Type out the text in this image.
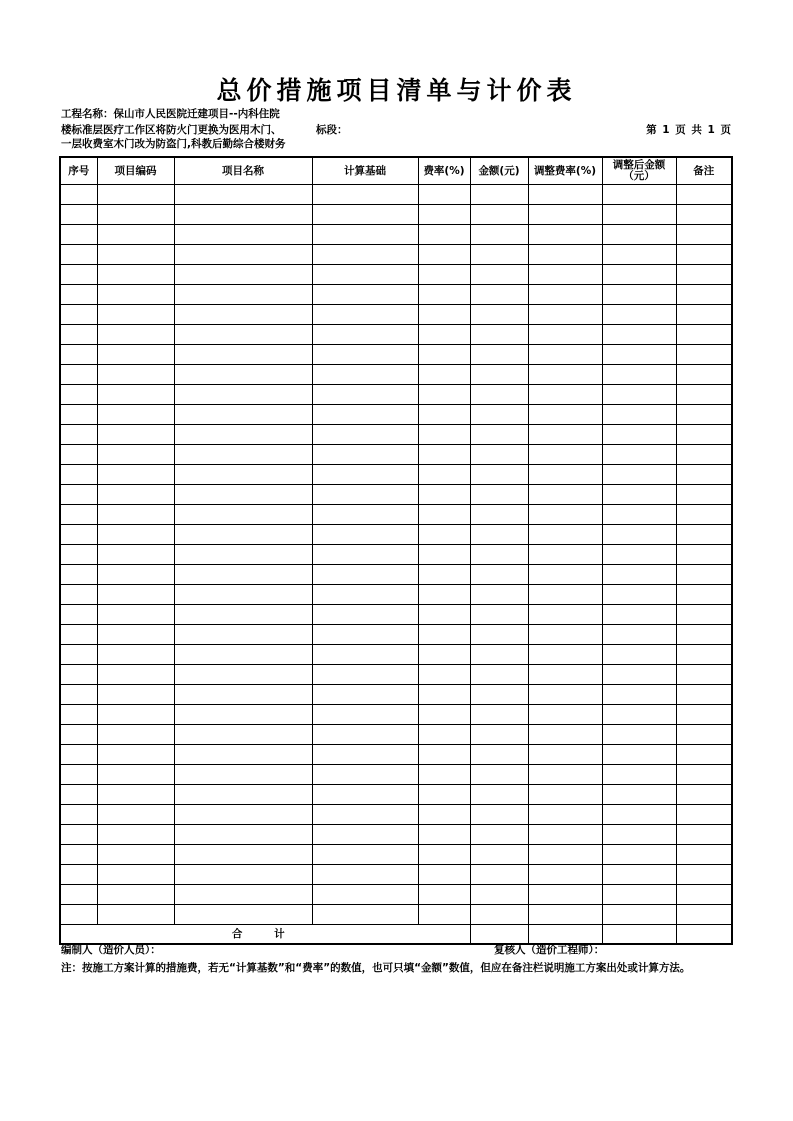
总价措施项目清单与计价表
工程名称：保山市人民医院迁建项目--内科住院
楼标准层医疗工作区将防火门更换为医用木门、
一层收费室木门改为防盗门,科教后勤综合楼财务
标段：	第 1 页 共 1 页
序号	项目编码	项目名称	计算基础	费率(%)	金额(元)	调整费率(%)	调整后金额（元）	备注

合 计								
编制人（造价人员）：	复核人（造价工程师）：
注：按施工方案计算的措施费，若无“计算基数”和“费率”的数值，也可只填“金额”数值，但应在备注栏说明施工方案出处或计算方法。
